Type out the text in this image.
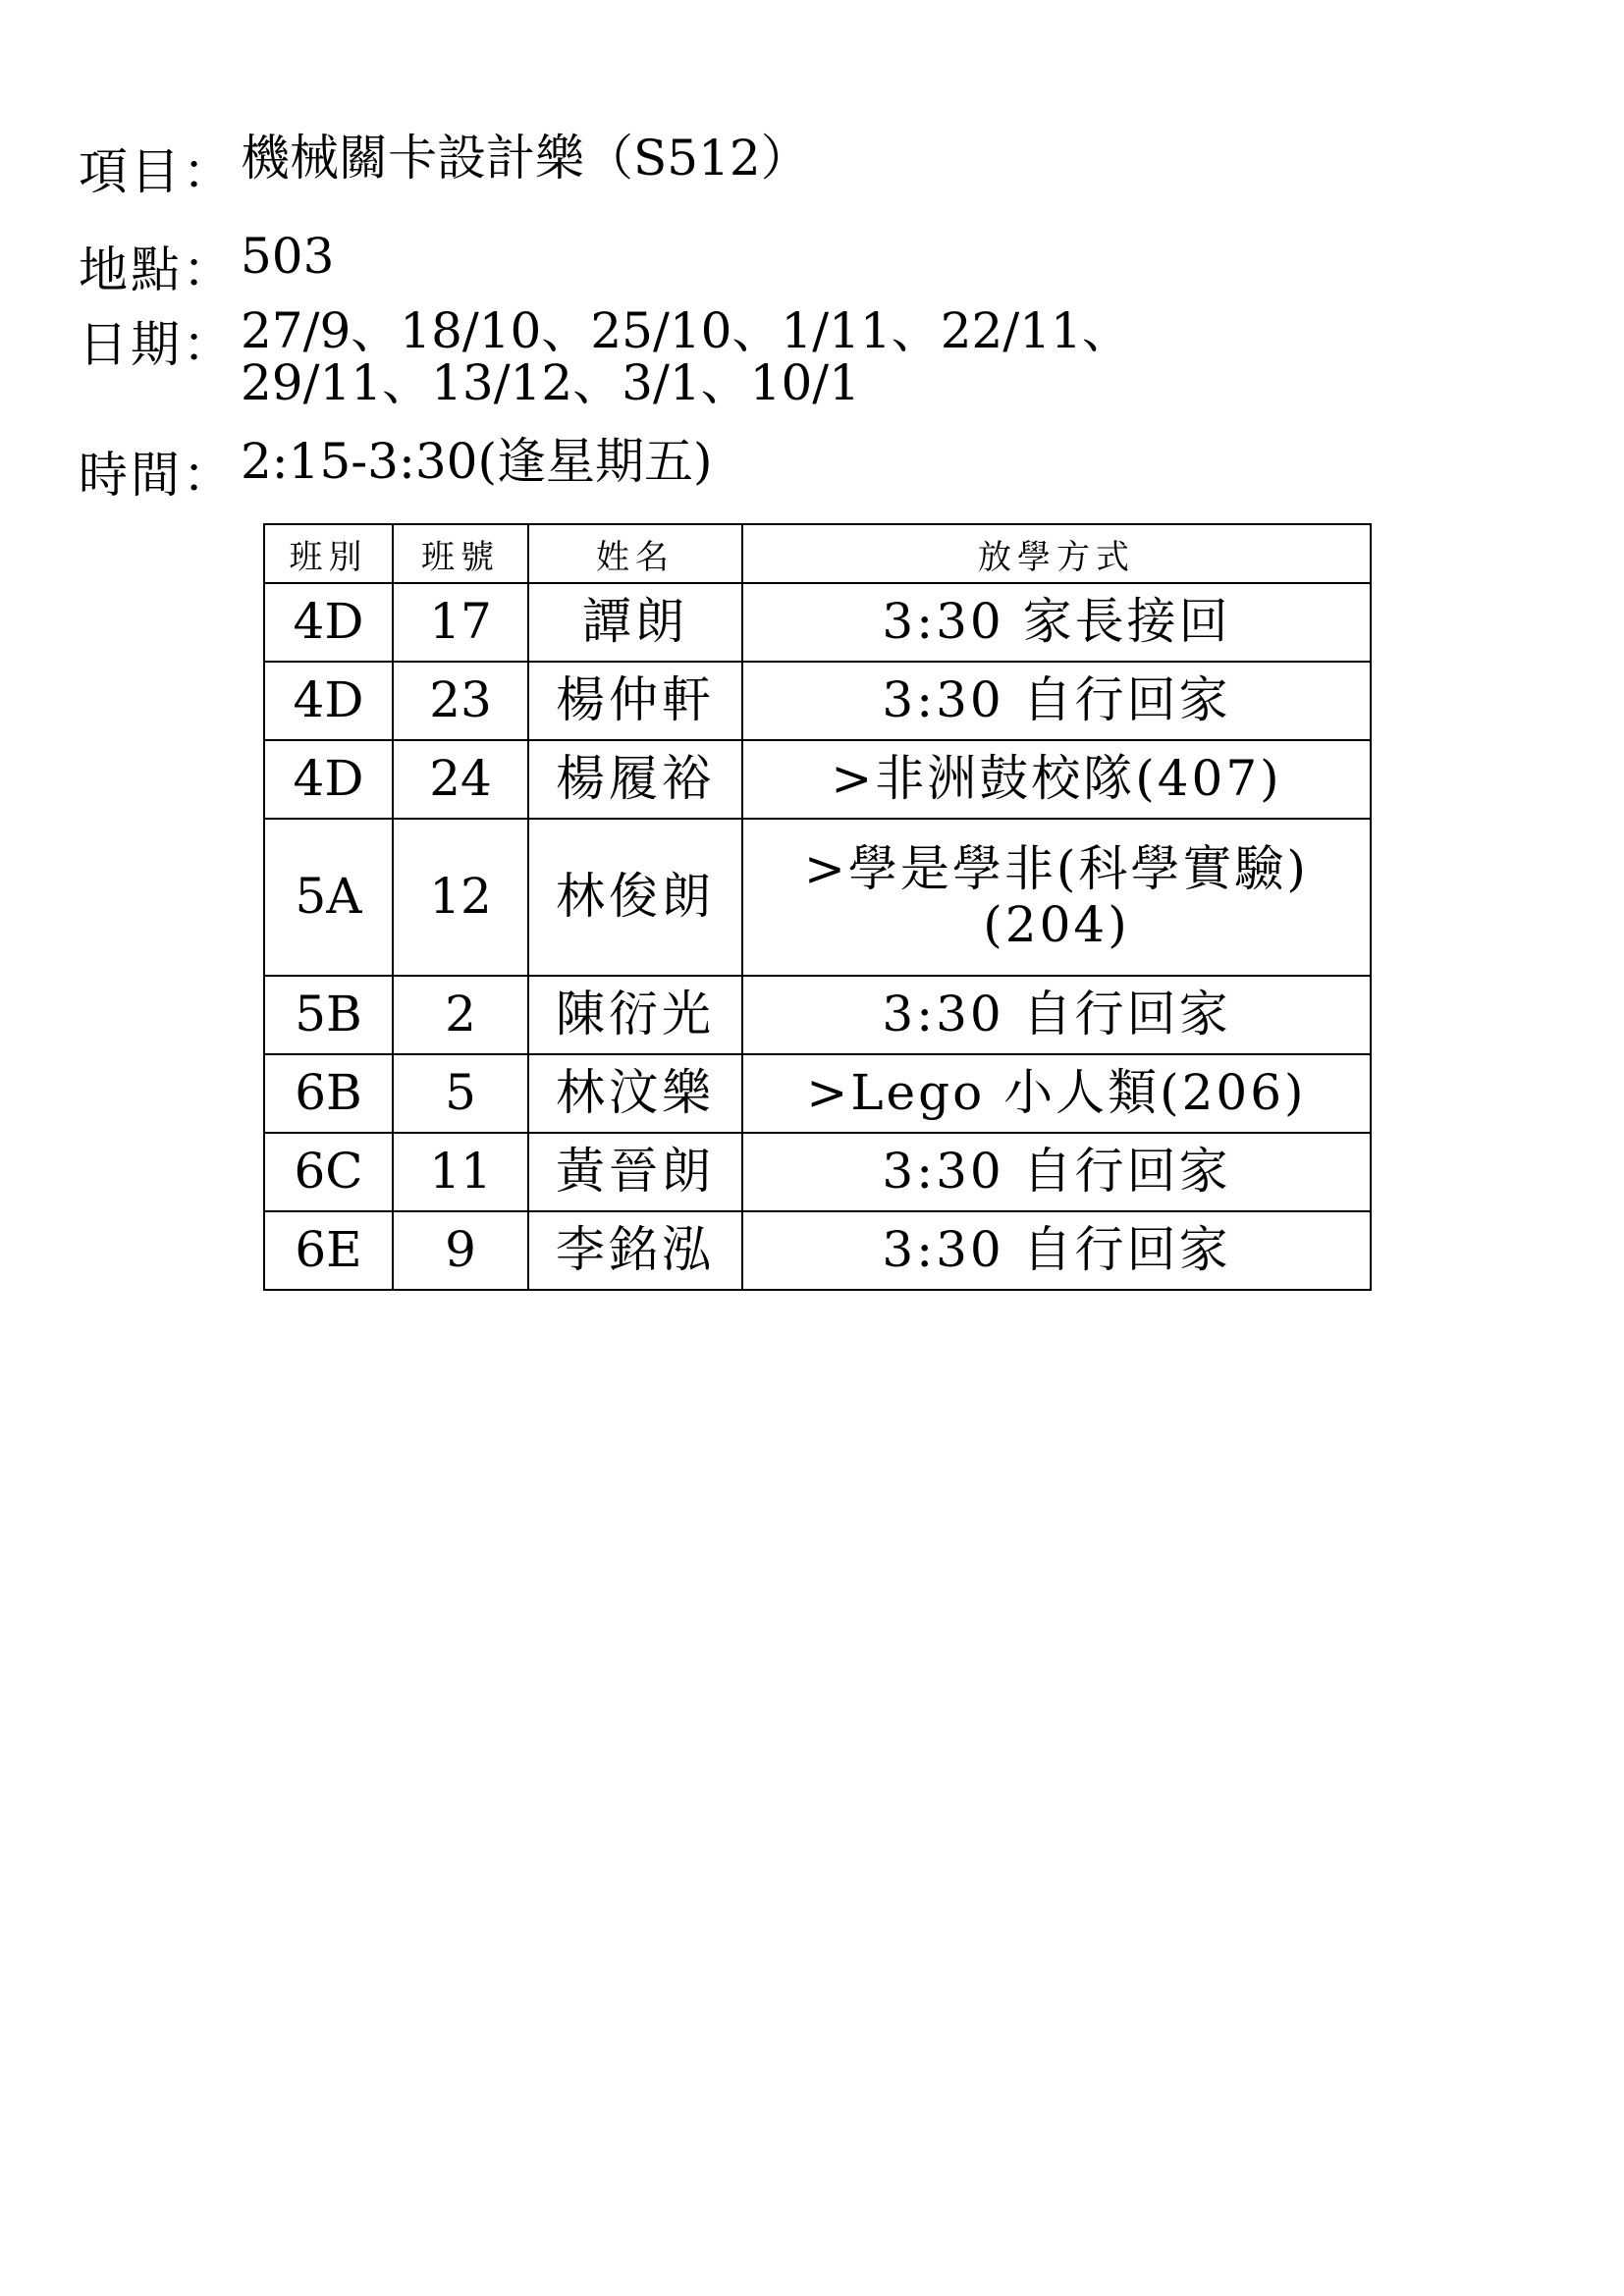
項目： 機械關卡設計樂（S512）
地點： 503
日期： 27/9、18/10、25/10、1/11、22/11、
29/11、13/12、3/1、10/1
時間： 2:15-3:30(逢星期五)
班別	班號	姓名	放學方式
4D	17	譚朗	3:30 家長接回
4D	23	楊仲軒	3:30 自行回家
4D	24	楊履裕	>非洲鼓校隊(407)
5A	12	林俊朗	>學是學非(科學實驗)(204)
5B	2	陳衍光	3:30 自行回家
6B	5	林汶樂	>Lego 小人類(206)
6C	11	黃晉朗	3:30 自行回家
6E	9	李銘泓	3:30 自行回家
